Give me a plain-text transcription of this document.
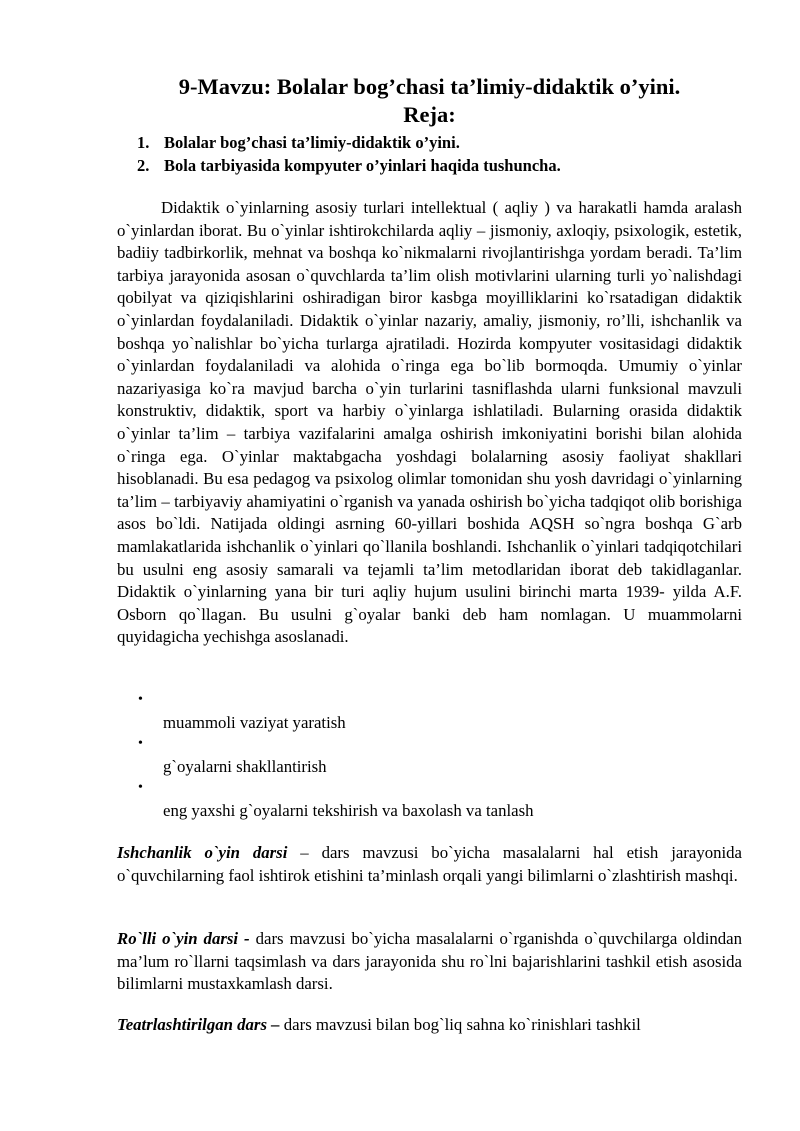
9-Mavzu: Bolalar bog’chasi ta’limiy-didaktik o’yini.
Reja:
1. Bolalar bog’chasi ta’limiy-didaktik o’yini.
2. Bola tarbiyasida kompyuter o’yinlari haqida tushuncha.

Didaktik o`yinlarning asosiy turlari intellektual ( aqliy ) va harakatli hamda aralash o`yinlardan iborat. Bu o`yinlar ishtirokchilarda aqliy – jismoniy, axloqiy, psixologik, estetik, badiiy tadbirkorlik, mehnat va boshqa ko`nikmalarni rivojlantirishga yordam beradi. Ta’lim tarbiya jarayonida asosan o`quvchlarda ta’lim olish motivlarini ularning turli yo`nalishdagi qobilyat va qiziqishlarini oshiradigan biror kasbga moyilliklarini ko`rsatadigan didaktik o`yinlardan foydalaniladi. Didaktik o`yinlar nazariy, amaliy, jismoniy, ro’lli, ishchanlik va boshqa yo`nalishlar bo`yicha turlarga ajratiladi. Hozirda kompyuter vositasidagi didaktik o`yinlardan foydalaniladi va alohida o`ringa ega bo`lib bormoqda. Umumiy o`yinlar nazariyasiga ko`ra mavjud barcha o`yin turlarini tasniflashda ularni funksional mavzuli konstruktiv, didaktik, sport va harbiy o`yinlarga ishlatiladi. Bularning orasida didaktik o`yinlar ta’lim – tarbiya vazifalarini amalga oshirish imkoniyatini borishi bilan alohida o`ringa ega. O`yinlar maktabgacha yoshdagi bolalarning asosiy faoliyat shakllari hisoblanadi. Bu esa pedagog va psixolog olimlar tomonidan shu yosh davridagi o`yinlarning ta’lim – tarbiyaviy ahamiyatini o`rganish va yanada oshirish bo`yicha tadqiqot olib borishiga asos bo`ldi. Natijada oldingi asrning 60-yillari boshida AQSH so`ngra boshqa G`arb mamlakatlarida ishchanlik o`yinlari qo`llanila boshlandi. Ishchanlik o`yinlari tadqiqotchilari bu usulni eng asosiy samarali va tejamli ta’lim metodlaridan iborat deb takidlaganlar. Didaktik o`yinlarning yana bir turi aqliy hujum usulini birinchi marta 1939- yilda A.F. Osborn qo`llagan. Bu usulni g`oyalar banki deb ham nomlagan. U muammolarni quyidagicha yechishga asoslanadi.

•
muammoli vaziyat yaratish
•
g`oyalarni shakllantirish
•
eng yaxshi g`oyalarni tekshirish va baxolash va tanlash

Ishchanlik o`yin darsi – dars mavzusi bo`yicha masalalarni hal etish jarayonida o`quvchilarning faol ishtirok etishini ta’minlash orqali yangi bilimlarni o`zlashtirish mashqi.

Ro`lli o`yin darsi - dars mavzusi bo`yicha masalalarni o`rganishda o`quvchilarga oldindan ma’lum ro`llarni taqsimlash va dars jarayonida shu ro`lni bajarishlarini tashkil etish asosida bilimlarni mustaxkamlash darsi.

Teatrlashtirilgan dars – dars mavzusi bilan bog`liq sahna ko`rinishlari tashkil
